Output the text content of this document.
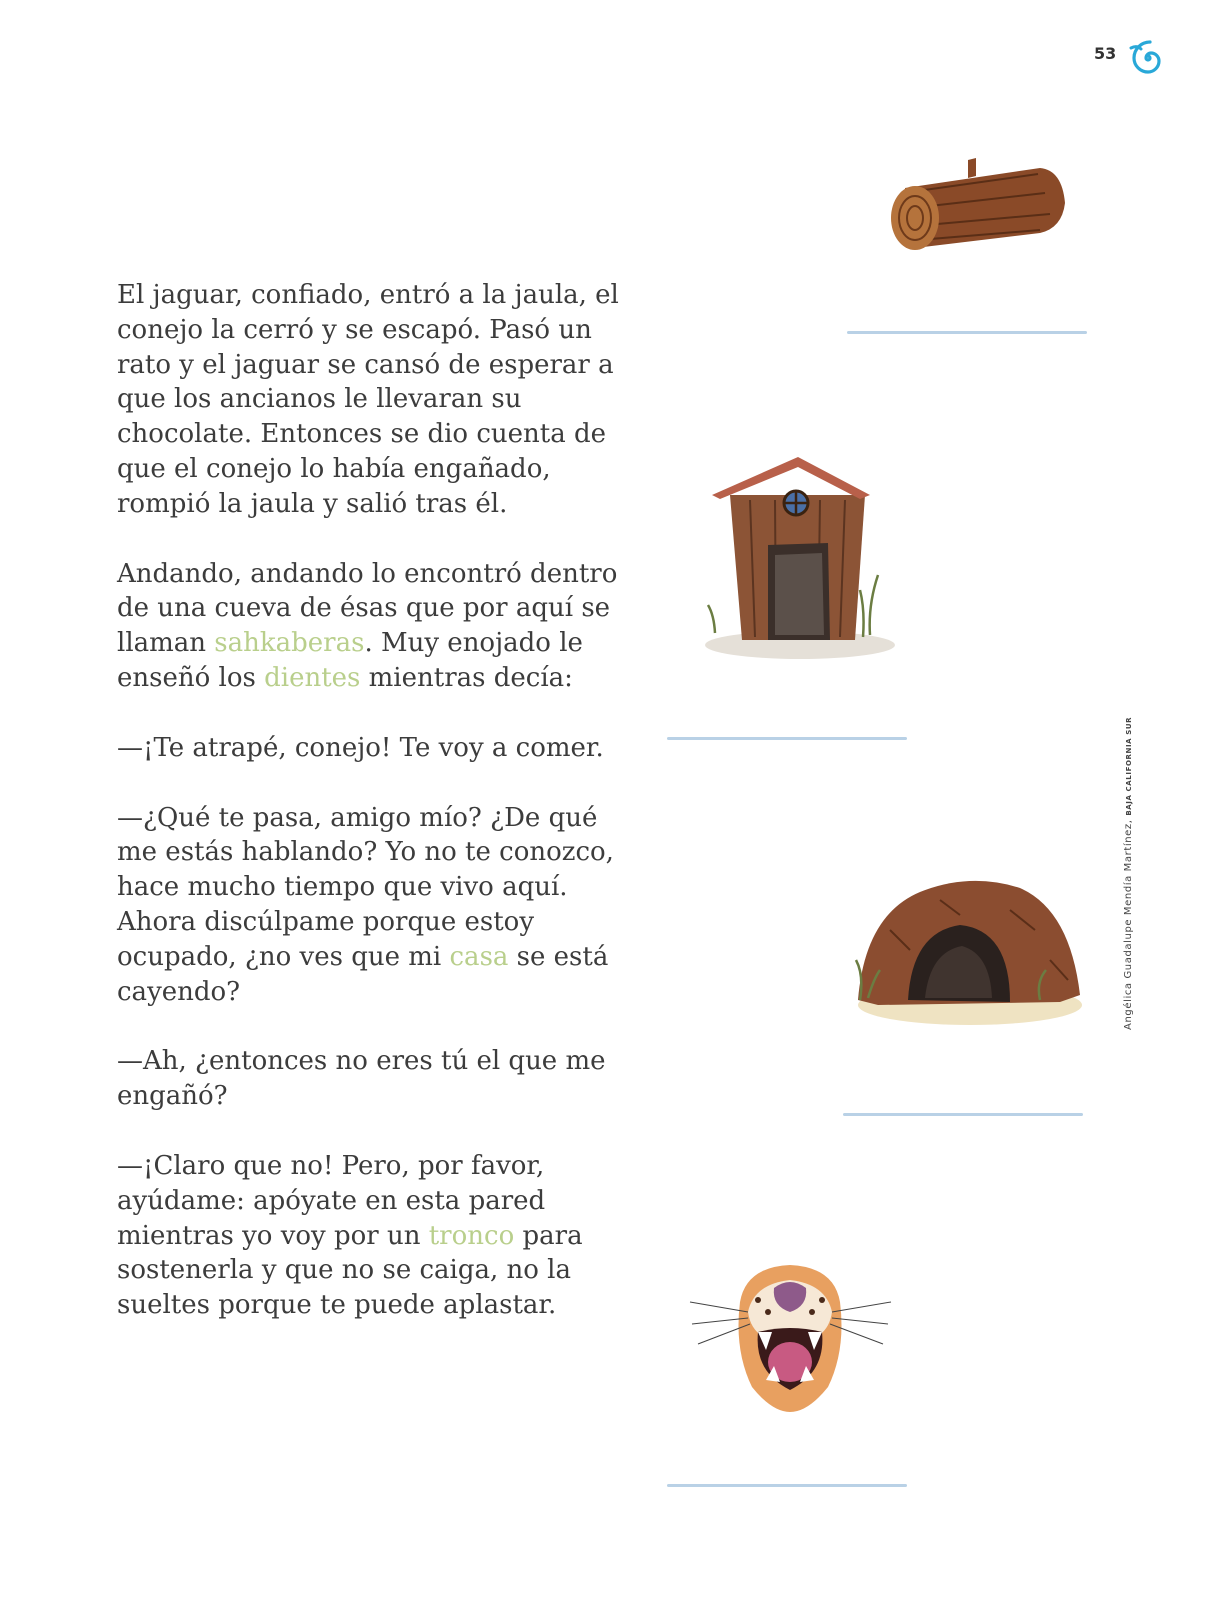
53

El jaguar, confiado, entró a la jaula, el conejo la cerró y se escapó. Pasó un rato y el jaguar se cansó de esperar a que los ancianos le llevaran su chocolate. Entonces se dio cuenta de que el conejo lo había engañado, rompió la jaula y salió tras él.

Andando, andando lo encontró dentro de una cueva de ésas que por aquí se llaman sahkaberas. Muy enojado le enseñó los dientes mientras decía:

—¡Te atrapé, conejo! Te voy a comer.

—¿Qué te pasa, amigo mío? ¿De qué me estás hablando? Yo no te conozco, hace mucho tiempo que vivo aquí. Ahora discúlpame porque estoy ocupado, ¿no ves que mi casa se está cayendo?

—Ah, ¿entonces no eres tú el que me engañó?

—¡Claro que no! Pero, por favor, ayúdame: apóyate en esta pared mientras yo voy por un tronco para sostenerla y que no se caiga, no la sueltes porque te puede aplastar.

Angélica Guadalupe Mendía Martínez, BAJA CALIFORNIA SUR
